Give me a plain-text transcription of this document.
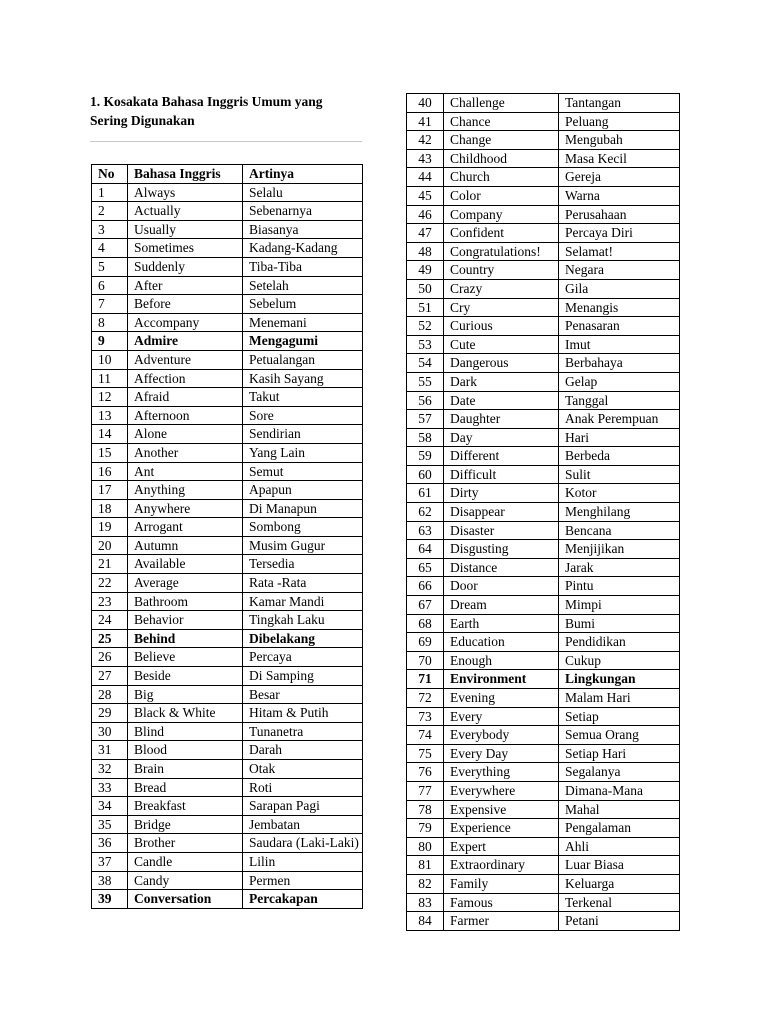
1. Kosakata Bahasa Inggris Umum yang Sering Digunakan
No	Bahasa Inggris	Artinya
1	Always	Selalu
2	Actually	Sebenarnya
3	Usually	Biasanya
4	Sometimes	Kadang-Kadang
5	Suddenly	Tiba-Tiba
6	After	Setelah
7	Before	Sebelum
8	Accompany	Menemani
9	Admire	Mengagumi
10	Adventure	Petualangan
11	Affection	Kasih Sayang
12	Afraid	Takut
13	Afternoon	Sore
14	Alone	Sendirian
15	Another	Yang Lain
16	Ant	Semut
17	Anything	Apapun
18	Anywhere	Di Manapun
19	Arrogant	Sombong
20	Autumn	Musim Gugur
21	Available	Tersedia
22	Average	Rata -Rata
23	Bathroom	Kamar Mandi
24	Behavior	Tingkah Laku
25	Behind	Dibelakang
26	Believe	Percaya
27	Beside	Di Samping
28	Big	Besar
29	Black & White	Hitam & Putih
30	Blind	Tunanetra
31	Blood	Darah
32	Brain	Otak
33	Bread	Roti
34	Breakfast	Sarapan Pagi
35	Bridge	Jembatan
36	Brother	Saudara (Laki-Laki)
37	Candle	Lilin
38	Candy	Permen
39	Conversation	Percakapan
40	Challenge	Tantangan
41	Chance	Peluang
42	Change	Mengubah
43	Childhood	Masa Kecil
44	Church	Gereja
45	Color	Warna
46	Company	Perusahaan
47	Confident	Percaya Diri
48	Congratulations!	Selamat!
49	Country	Negara
50	Crazy	Gila
51	Cry	Menangis
52	Curious	Penasaran
53	Cute	Imut
54	Dangerous	Berbahaya
55	Dark	Gelap
56	Date	Tanggal
57	Daughter	Anak Perempuan
58	Day	Hari
59	Different	Berbeda
60	Difficult	Sulit
61	Dirty	Kotor
62	Disappear	Menghilang
63	Disaster	Bencana
64	Disgusting	Menjijikan
65	Distance	Jarak
66	Door	Pintu
67	Dream	Mimpi
68	Earth	Bumi
69	Education	Pendidikan
70	Enough	Cukup
71	Environment	Lingkungan
72	Evening	Malam Hari
73	Every	Setiap
74	Everybody	Semua Orang
75	Every Day	Setiap Hari
76	Everything	Segalanya
77	Everywhere	Dimana-Mana
78	Expensive	Mahal
79	Experience	Pengalaman
80	Expert	Ahli
81	Extraordinary	Luar Biasa
82	Family	Keluarga
83	Famous	Terkenal
84	Farmer	Petani
